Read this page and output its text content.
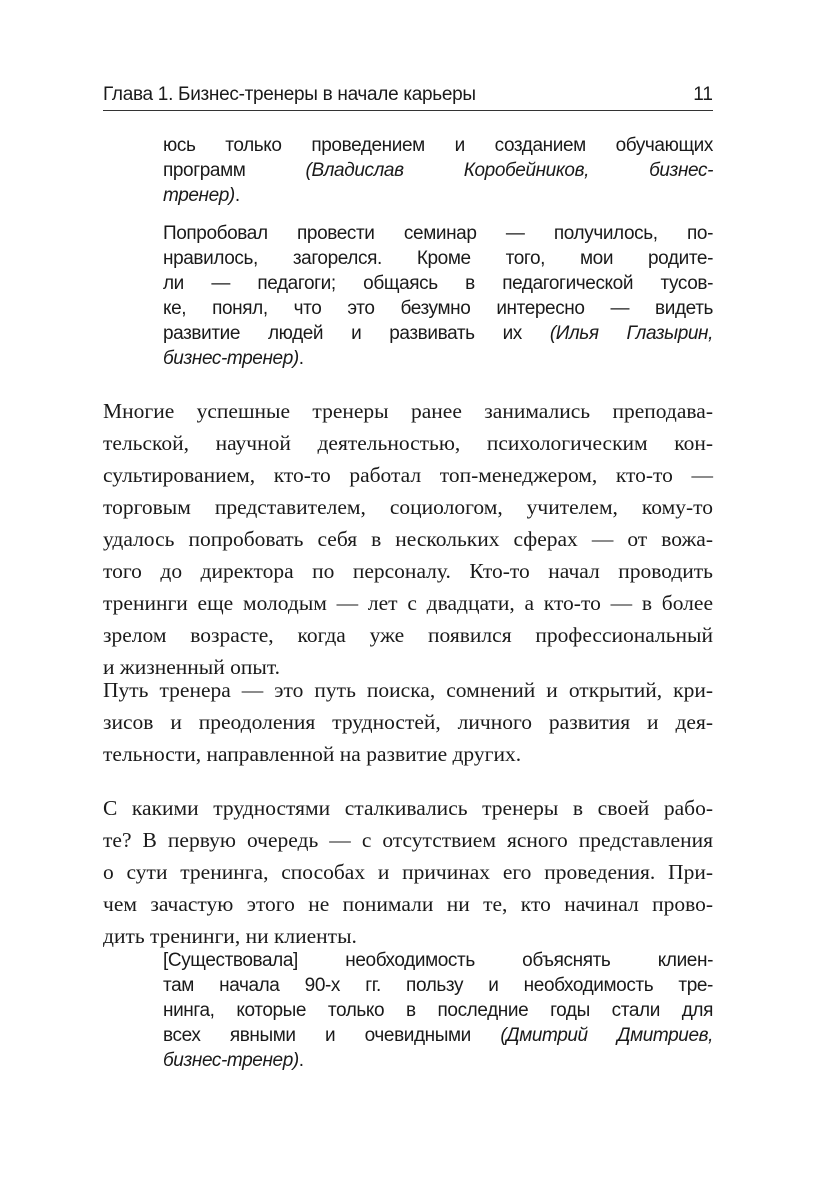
Глава 1. Бизнес-тренеры в начале карьеры	11
юсь только проведением и созданием обучающих
программ (Владислав Коробейников, бизнес-
тренер).
Попробовал провести семинар — получилось, по-
нравилось, загорелся. Кроме того, мои родите-
ли — педагоги; общаясь в педагогической тусов-
ке, понял, что это безумно интересно — видеть
развитие людей и развивать их (Илья Глазырин,
бизнес-тренер).
Многие успешные тренеры ранее занимались преподава-
тельской, научной деятельностью, психологическим кон-
сультированием, кто-то работал топ-менеджером, кто-то —
торговым представителем, социологом, учителем, кому-то
удалось попробовать себя в нескольких сферах — от вожа-
того до директора по персоналу. Кто-то начал проводить
тренинги еще молодым — лет с двадцати, а кто-то — в более
зрелом возрасте, когда уже появился профессиональный
и жизненный опыт.
Путь тренера — это путь поиска, сомнений и открытий, кри-
зисов и преодоления трудностей, личного развития и дея-
тельности, направленной на развитие других.
С какими трудностями сталкивались тренеры в своей рабо-
те? В первую очередь — с отсутствием ясного представления
о сути тренинга, способах и причинах его проведения. При-
чем зачастую этого не понимали ни те, кто начинал прово-
дить тренинги, ни клиенты.
[Существовала] необходимость объяснять клиен-
там начала 90-х гг. пользу и необходимость тре-
нинга, которые только в последние годы стали для
всех явными и очевидными (Дмитрий Дмитриев,
бизнес-тренер).
